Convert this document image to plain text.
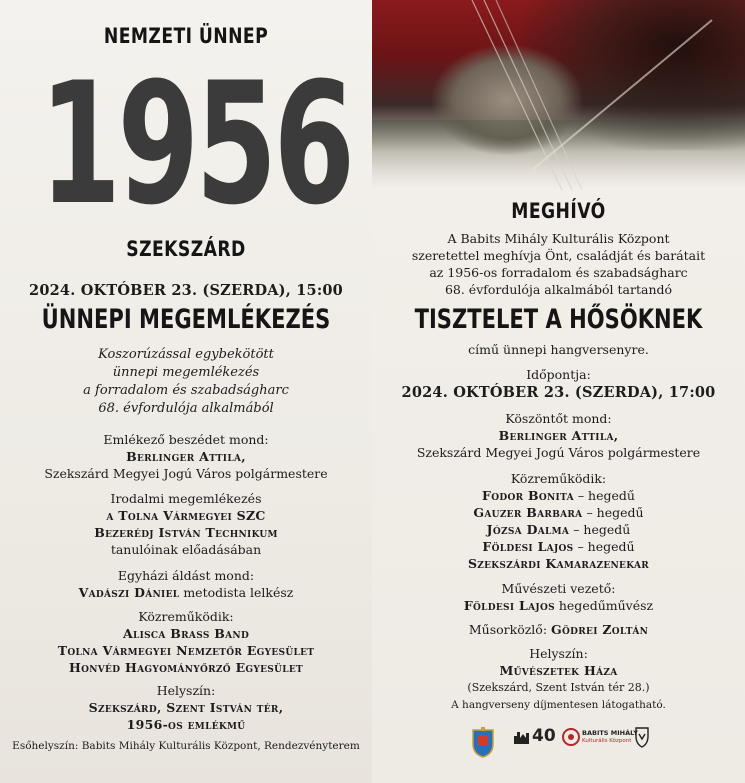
NEMZETI ÜNNEP
1
9
5
6
SZEKSZÁRD
2024. OKTÓBER 23. (SZERDA), 15:00
ÜNNEPI MEGEMLÉKEZÉS
Koszorúzással egybekötött
ünnepi megemlékezés
a forradalom és szabadságharc
68. évfordulója alkalmából
Emlékező beszédet mond:
Berlinger Attila,
Szekszárd Megyei Jogú Város polgármestere
Irodalmi megemlékezés
a Tolna Vármegyei SZC
Bezerédj István Technikum
tanulóinak előadásában
Egyházi áldást mond:
Vadászi Dániel metodista lelkész
Közreműködik:
Alisca Brass Band
Tolna Vármegyei Nemzetőr Egyesület
Honvéd Hagyományőrző Egyesület
Helyszín:
Szekszárd, Szent István tér,
1956-os emlékmű
Esőhelyszín: Babits Mihály Kulturális Központ, Rendezvényterem
MEGHÍVÓ
A Babits Mihály Kulturális Központ
szeretettel meghívja Önt, családját és barátait
az 1956-os forradalom és szabadságharc
68. évfordulója alkalmából tartandó
TISZTELET A HŐSÖKNEK
című ünnepi hangversenyre.
Időpontja:
2024. OKTÓBER 23. (SZERDA), 17:00
Köszöntőt mond:
Berlinger Attila,
Szekszárd Megyei Jogú Város polgármestere
Közreműködik:
Fodor Bonita – hegedű
Gauzer Barbara – hegedű
Józsa Dalma – hegedű
Földesi Lajos – hegedű
Szekszárdi Kamarazenekar
Művészeti vezető:
Földesi Lajos hegedűművész
Műsorközlő: Gödrei Zoltán
Helyszín:
Művészetek Háza
(Szekszárd, Szent István tér 28.)
A hangverseny díjmentesen látogatható.
40	BABITS MIHÁLY
Kulturális Központ
